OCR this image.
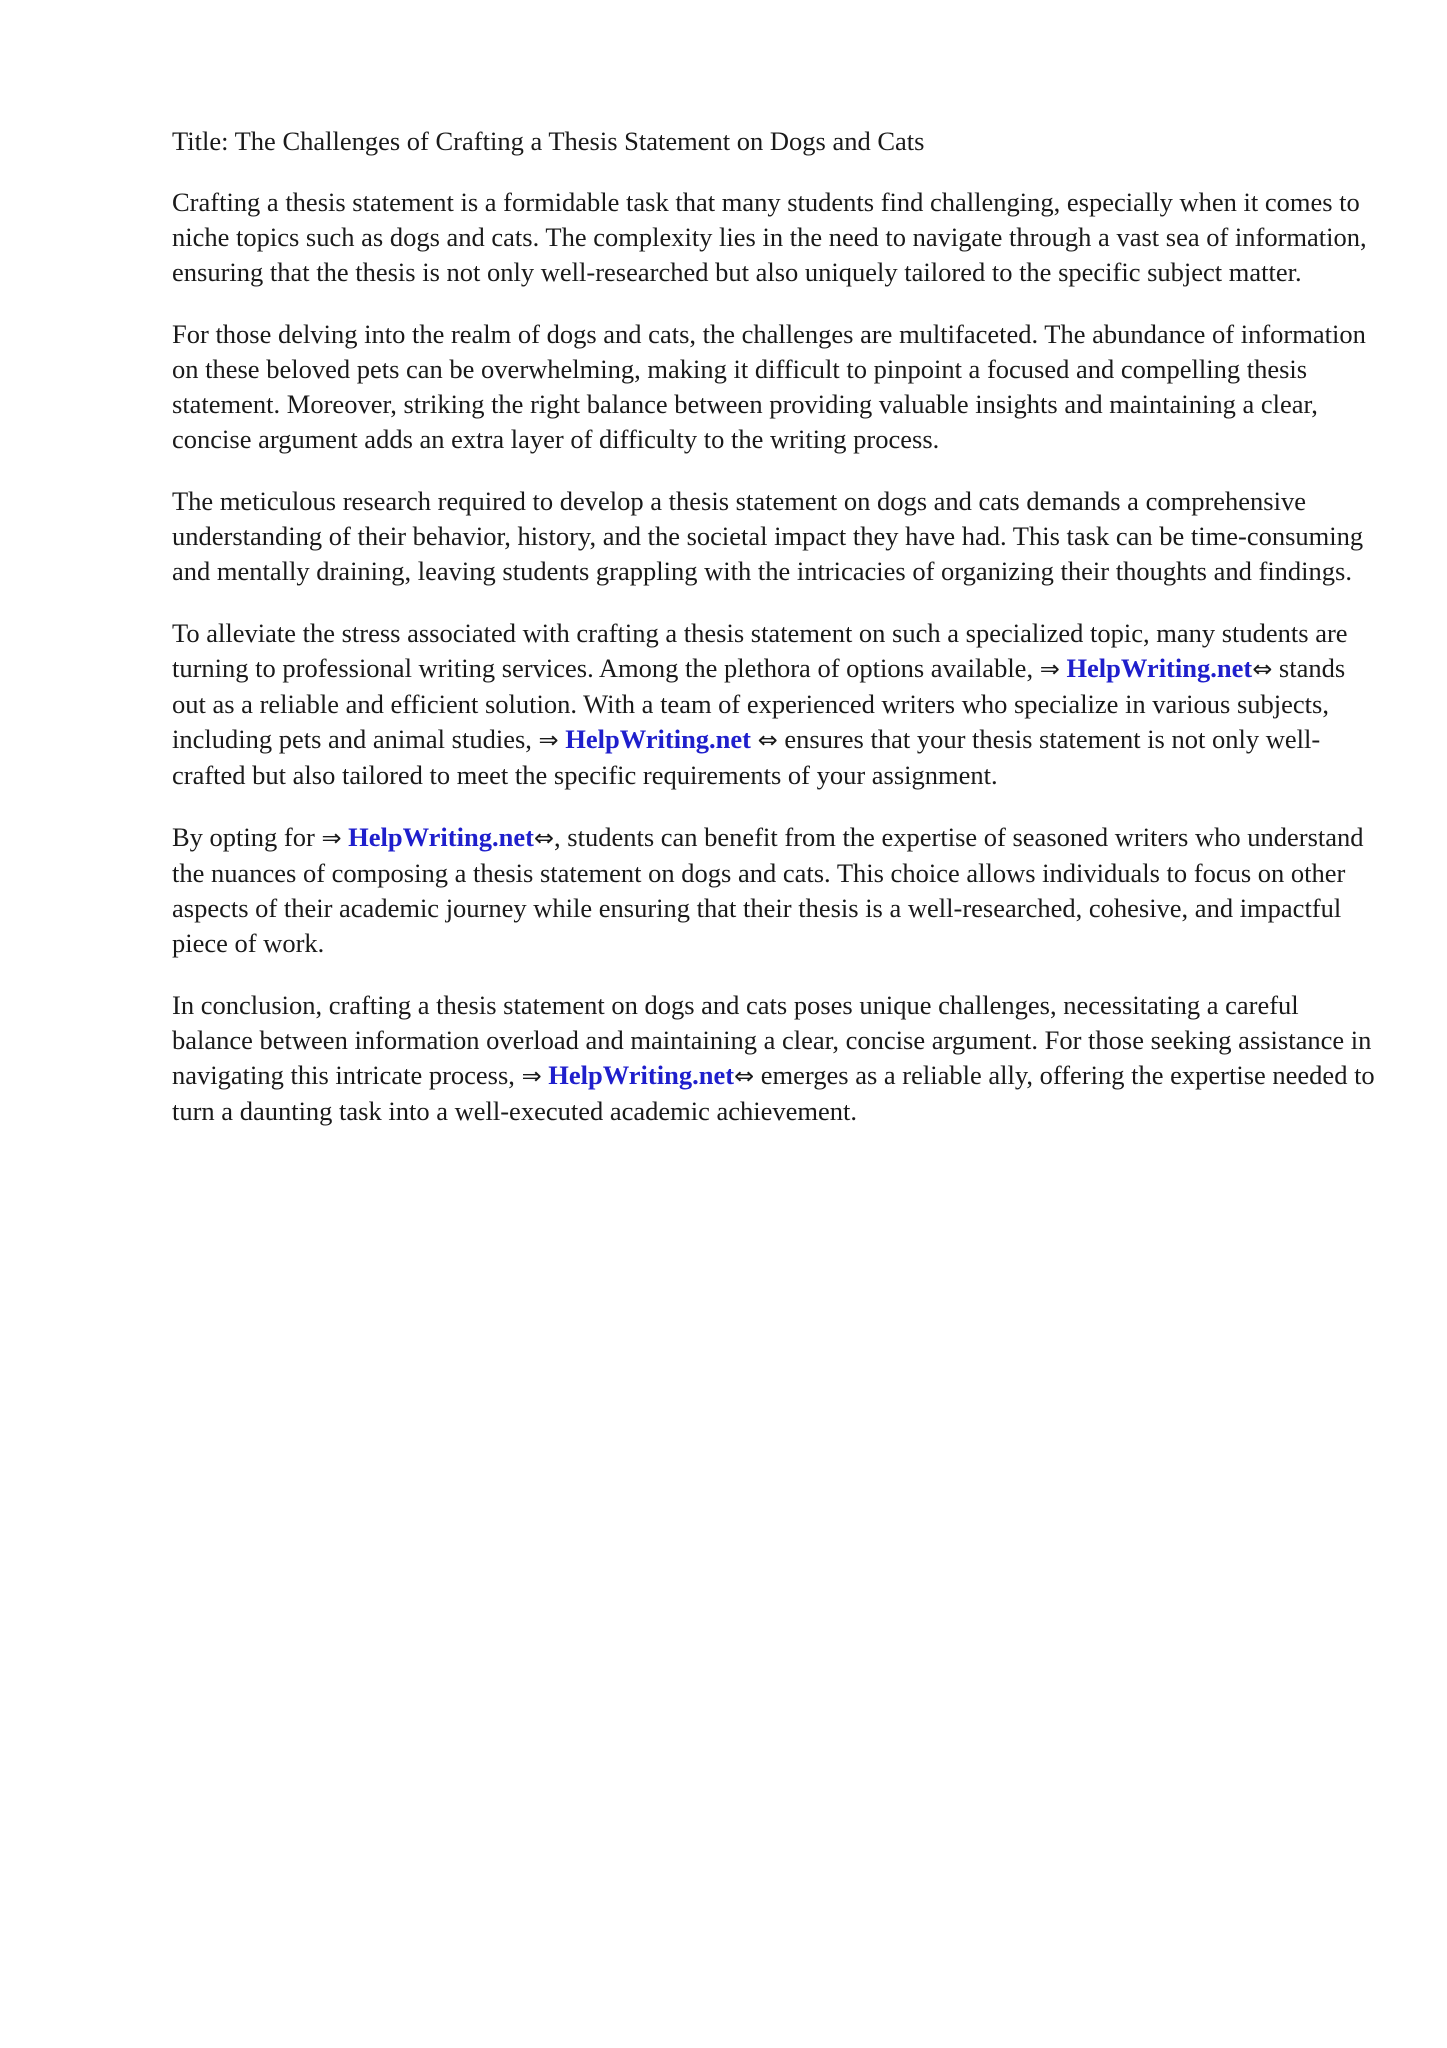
Title: The Challenges of Crafting a Thesis Statement on Dogs and Cats

Crafting a thesis statement is a formidable task that many students find challenging, especially when it comes to niche topics such as dogs and cats. The complexity lies in the need to navigate through a vast sea of information, ensuring that the thesis is not only well-researched but also uniquely tailored to the specific subject matter.

For those delving into the realm of dogs and cats, the challenges are multifaceted. The abundance of information on these beloved pets can be overwhelming, making it difficult to pinpoint a focused and compelling thesis statement. Moreover, striking the right balance between providing valuable insights and maintaining a clear, concise argument adds an extra layer of difficulty to the writing process.

The meticulous research required to develop a thesis statement on dogs and cats demands a comprehensive understanding of their behavior, history, and the societal impact they have had. This task can be time-consuming and mentally draining, leaving students grappling with the intricacies of organizing their thoughts and findings.

To alleviate the stress associated with crafting a thesis statement on such a specialized topic, many students are turning to professional writing services. Among the plethora of options available, ⇒ HelpWriting.net⇔ stands out as a reliable and efficient solution. With a team of experienced writers who specialize in various subjects, including pets and animal studies, ⇒ HelpWriting.net ⇔ ensures that your thesis statement is not only well-crafted but also tailored to meet the specific requirements of your assignment.

By opting for ⇒ HelpWriting.net⇔, students can benefit from the expertise of seasoned writers who understand the nuances of composing a thesis statement on dogs and cats. This choice allows individuals to focus on other aspects of their academic journey while ensuring that their thesis is a well-researched, cohesive, and impactful piece of work.

In conclusion, crafting a thesis statement on dogs and cats poses unique challenges, necessitating a careful balance between information overload and maintaining a clear, concise argument. For those seeking assistance in navigating this intricate process, ⇒ HelpWriting.net⇔ emerges as a reliable ally, offering the expertise needed to turn a daunting task into a well-executed academic achievement.
